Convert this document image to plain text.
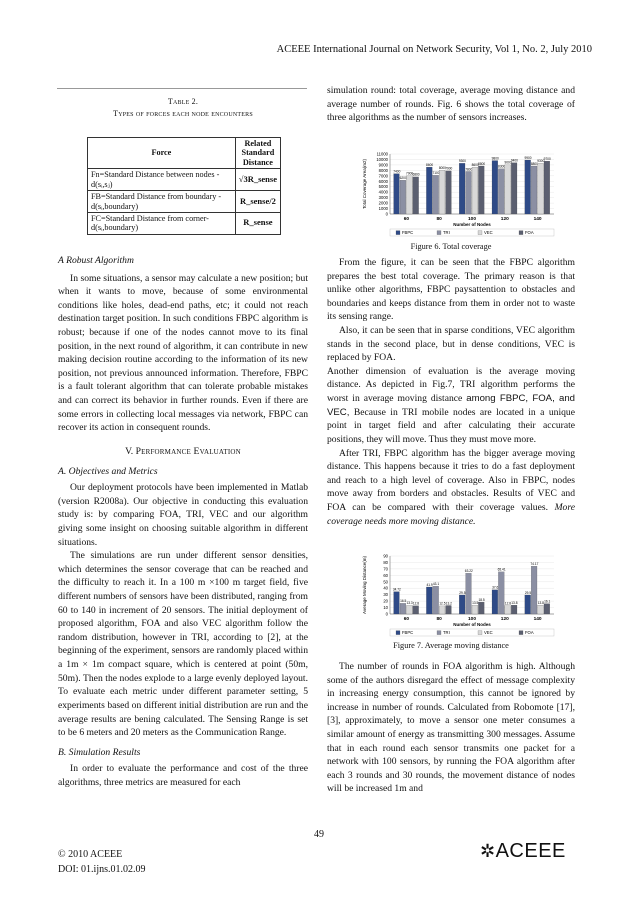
ACEEE International Journal on Network Security, Vol 1, No. 2, July 2010
Table 2.
Types of forces each node encounters
Force	Related Standard Distance
Fn=Standard Distance between nodes -d(sᵢ,sⱼ)	√3R_sense
FB=Standard Distance from boundary -d(sᵢ,boundary)	R_sense/2
FC=Standard Distance from corner-d(sᵢ,boundary)	R_sense
A Robust Algorithm

In some situations, a sensor may calculate a new position; but when it wants to move, because of some environmental conditions like holes, dead-end paths, etc; it could not reach destination target position. In such conditions FBPC algorithm is robust; because if one of the nodes cannot move to its final position, in the next round of algorithm, it can contribute in new making decision routine according to the information of its new position, not previous announced information. Therefore, FBPC is a fault tolerant algorithm that can tolerate probable mistakes and can correct its behavior in further rounds. Even if there are some errors in collecting local messages via network, FBPC can recover its action in consequent rounds.

V. Performance Evaluation
A. Objectives and Metrics

Our deployment protocols have been implemented in Matlab (version R2008a). Our objective in conducting this evaluation study is: by comparing FOA, TRI, VEC and our algorithm giving some insight on choosing suitable algorithm in different situations.

The simulations are run under different sensor densities, which determines the sensor coverage that can be reached and the difficulty to reach it. In a 100 m ×100 m target field, five different numbers of sensors have been distributed, ranging from 60 to 140 in increment of 20 sensors. The initial deployment of proposed algorithm, FOA and also VEC algorithm follow the random distribution, however in TRI, according to [2], at the beginning of the experiment, sensors are randomly placed within a 1m × 1m compact square, which is centered at point (50m, 50m). Then the nodes explode to a large evenly deployed layout. To evaluate each metric under different parameter setting, 5 experiments based on different initial distribution are run and the average results are bening calculated. The Sensing Range is set to be 6 meters and 20 meters as the Communication Range.

B. Simulation Results

In order to evaluate the performance and cost of the three algorithms, three metrics are measured for each

simulation round: total coverage, average moving distance and average number of rounds. Fig. 6 shows the total coverage of three algorithms as the number of sensors increases.

Total Coverage Area(m2)
0
1000
2000
3000
4000
5000
6000
7000
8000
9000
10000
11000
7400
6200
7000 6800
60
8600
7100
8000 7900
80
9300
7800
8600 8800
100
9800
8300
9000
9400
120
9900
8800
9300
9700
140
Number of Nodes
FBPC	TRI	VEC	FOA
Figure 6. Total coverage

From the figure, it can be seen that the FBPC algorithm prepares the best total coverage. The primary reason is that unlike other algorithms, FBPC paysattention to obstacles and boundaries and keeps distance from them in order not to waste its sensing range.

Also, it can be seen that in sparse conditions, VEC algorithm stands in the second place, but in dense conditions, VEC is replaced by FOA.

Another dimension of evaluation is the average moving distance. As depicted in Fig.7, TRI algorithm performs the worst in average moving distance among FBPC, FOA, and VEC, Because in TRI mobile nodes are located in a unique point in target field and after calculating their accurate positions, they will move. Thus they must move more.

After TRI, FBPC algorithm has the bigger average moving distance. This happens because it tries to do a fast deployment and reach to a high level of coverage. Also in FBPC, nodes move away from borders and obstacles. Results of VEC and FOA can be compared with their coverage values. More coverage needs more moving distance.

Average Moving Distance(m)
0
10
20
30
40
50
60
70
80
90
34.72
16.5
13.3 12.8
60
41.9 43.1
12.5 13.2
80
29.5
63.22
13.5
18.5
100
37.6
65.41
12.8 13.8
120
29.5
74.17
13.8 16.1
140
Number of Nodes
FBPC	TRI	VEC	FOA
Figure 7. Average moving distance

The number of rounds in FOA algorithm is high. Although some of the authors disregard the effect of message complexity in increasing energy consumption, this cannot be ignored by increase in number of rounds. Calculated from Robomote [17],[3], approximately, to move a sensor one meter consumes a similar amount of energy as transmitting 300 messages. Assume that in each round each sensor transmits one packet for a network with 100 sensors, by running the FOA algorithm after each 3 rounds and 30 rounds, the movement distance of nodes will be increased 1m and

49
© 2010 ACEEE
DOI: 01.ijns.01.02.09
✲ACEEE
